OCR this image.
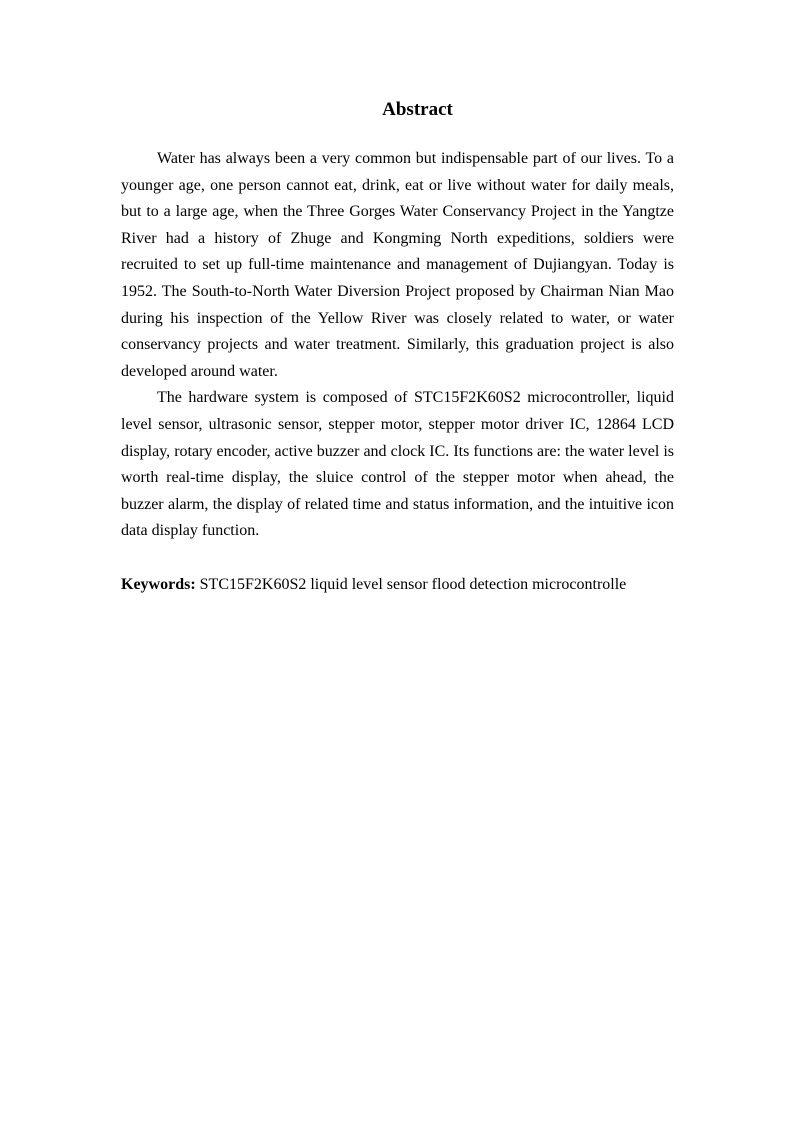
Abstract

Water has always been a very common but indispensable part of our lives. To a younger age, one person cannot eat, drink, eat or live without water for daily meals, but to a large age, when the Three Gorges Water Conservancy Project in the Yangtze River had a history of Zhuge and Kongming North expeditions, soldiers were recruited to set up full-time maintenance and management of Dujiangyan. Today is 1952. The South-to-North Water Diversion Project proposed by Chairman Nian Mao during his inspection of the Yellow River was closely related to water, or water conservancy projects and water treatment. Similarly, this graduation project is also developed around water.

The hardware system is composed of STC15F2K60S2 microcontroller, liquid level sensor, ultrasonic sensor, stepper motor, stepper motor driver IC, 12864 LCD display, rotary encoder, active buzzer and clock IC. Its functions are: the water level is worth real-time display, the sluice control of the stepper motor when ahead, the buzzer alarm, the display of related time and status information, and the intuitive icon data display function.

Keywords: STC15F2K60S2 liquid level sensor flood detection microcontrolle
